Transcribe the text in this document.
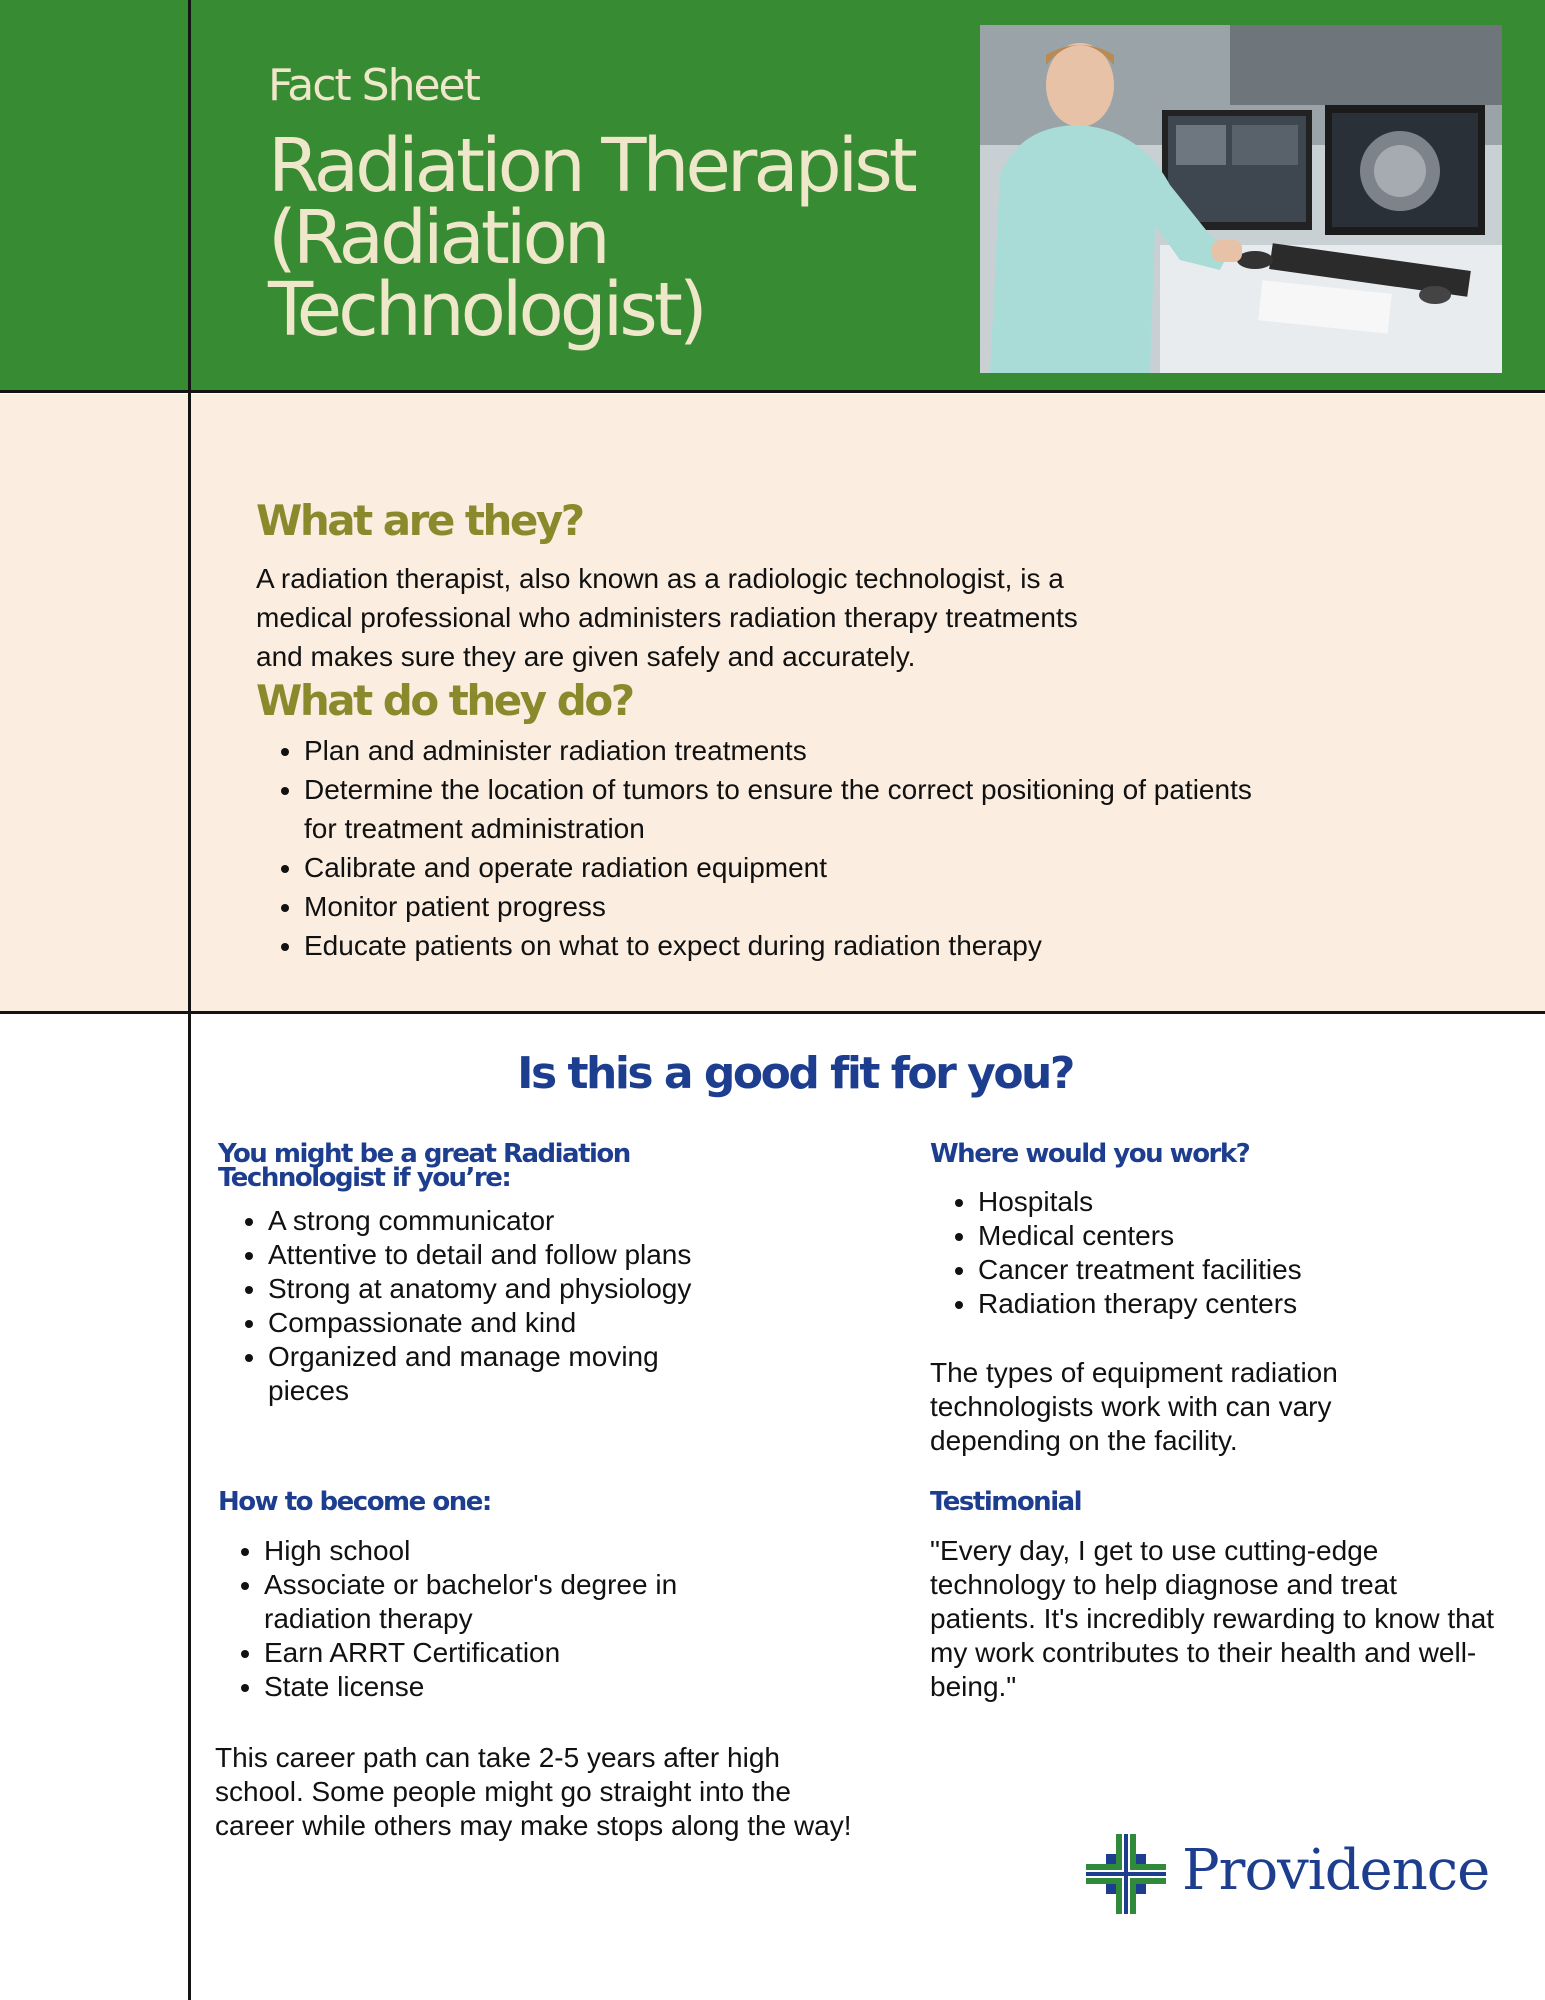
Fact Sheet
Radiation Therapist
(Radiation
Technologist)
What are they?
A radiation therapist, also known as a radiologic technologist, is a
medical professional who administers radiation therapy treatments
and makes sure they are given safely and accurately.
What do they do?
• Plan and administer radiation treatments
• Determine the location of tumors to ensure the correct positioning of patients for treatment administration
• Calibrate and operate radiation equipment
• Monitor patient progress
• Educate patients on what to expect during radiation therapy
Is this a good fit for you?
You might be a great Radiation Technologist if you’re:
• A strong communicator
• Attentive to detail and follow plans
• Strong at anatomy and physiology
• Compassionate and kind
• Organized and manage moving pieces
How to become one:
• High school
• Associate or bachelor's degree in radiation therapy
• Earn ARRT Certification
• State license

This career path can take 2-5 years after high school. Some people might go straight into the career while others may make stops along the way!

Where would you work?
• Hospitals
• Medical centers
• Cancer treatment facilities
• Radiation therapy centers

The types of equipment radiation technologists work with can vary depending on the facility.

Testimonial

"Every day, I get to use cutting-edge technology to help diagnose and treat patients. It's incredibly rewarding to know that my work contributes to their health and well-being."

Providence
